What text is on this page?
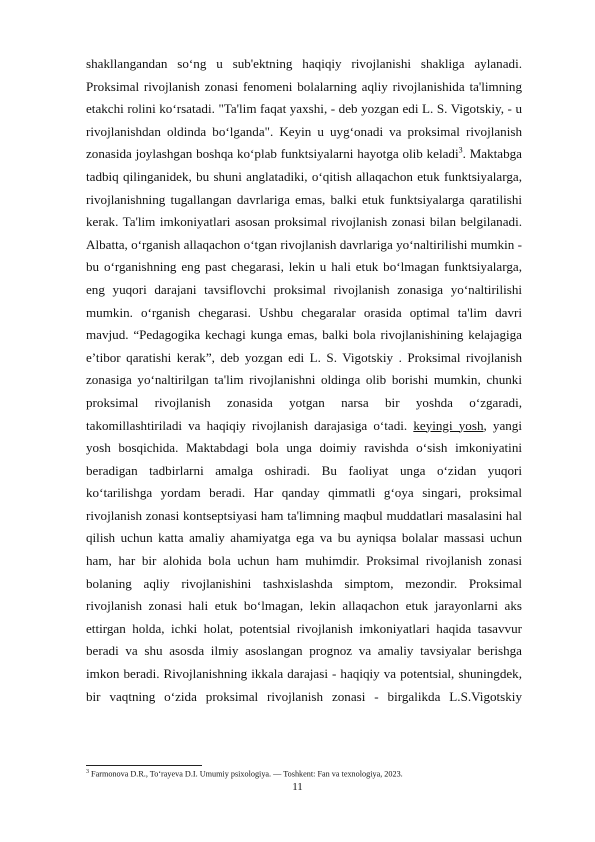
shakllangandan so‘ng u sub'ektning haqiqiy rivojlanishi shakliga aylanadi.
Proksimal rivojlanish zonasi fenomeni bolalarning aqliy rivojlanishida ta'limning
etakchi rolini ko‘rsatadi. "Ta'lim faqat yaxshi, - deb yozgan edi L. S. Vigotskiy, - u
rivojlanishdan oldinda bo‘lganda". Keyin u uyg‘onadi va proksimal rivojlanish
zonasida joylashgan boshqa ko‘plab funktsiyalarni hayotga olib keladi$^3$. Maktabga
tadbiq qilinganidek, bu shuni anglatadiki, o‘qitish allaqachon etuk funktsiyalarga,
rivojlanishning tugallangan davrlariga emas, balki etuk funktsiyalarga qaratilishi
kerak. Ta'lim imkoniyatlari asosan proksimal rivojlanish zonasi bilan belgilanadi.
Albatta, o‘rganish allaqachon o‘tgan rivojlanish davrlariga yo‘naltirilishi mumkin -
bu o‘rganishning eng past chegarasi, lekin u hali etuk bo‘lmagan funktsiyalarga,
eng yuqori darajani tavsiflovchi proksimal rivojlanish zonasiga yo‘naltirilishi
mumkin. o‘rganish chegarasi. Ushbu chegaralar orasida optimal ta'lim davri
mavjud. “Pedagogika kechagi kunga emas, balki bola rivojlanishining kelajagiga
e’tibor qaratishi kerak”, deb yozgan edi L. S. Vigotskiy . Proksimal rivojlanish
zonasiga yo‘naltirilgan ta'lim rivojlanishni oldinga olib borishi mumkin, chunki
proksimal rivojlanish zonasida yotgan narsa bir yoshda o‘zgaradi,
takomillashtiriladi va haqiqiy rivojlanish darajasiga o‘tadi. keyingi yosh, yangi
yosh bosqichida. Maktabdagi bola unga doimiy ravishda o‘sish imkoniyatini
beradigan tadbirlarni amalga oshiradi. Bu faoliyat unga o‘zidan yuqori
ko‘tarilishga yordam beradi. Har qanday qimmatli g‘oya singari, proksimal
rivojlanish zonasi kontseptsiyasi ham ta'limning maqbul muddatlari masalasini hal
qilish uchun katta amaliy ahamiyatga ega va bu ayniqsa bolalar massasi uchun
ham, har bir alohida bola uchun ham muhimdir. Proksimal rivojlanish zonasi
bolaning aqliy rivojlanishini tashxislashda simptom, mezondir. Proksimal
rivojlanish zonasi hali etuk bo‘lmagan, lekin allaqachon etuk jarayonlarni aks
ettirgan holda, ichki holat, potentsial rivojlanish imkoniyatlari haqida tasavvur
beradi va shu asosda ilmiy asoslangan prognoz va amaliy tavsiyalar berishga
imkon beradi. Rivojlanishning ikkala darajasi - haqiqiy va potentsial, shuningdek,
bir vaqtning o‘zida proksimal rivojlanish zonasi - birgalikda L.S.Vigotskiy
$^3$ Farmonova D.R., To‘rayeva D.I. Umumiy psixologiya. — Toshkent: Fan va texnologiya, 2023.
11
